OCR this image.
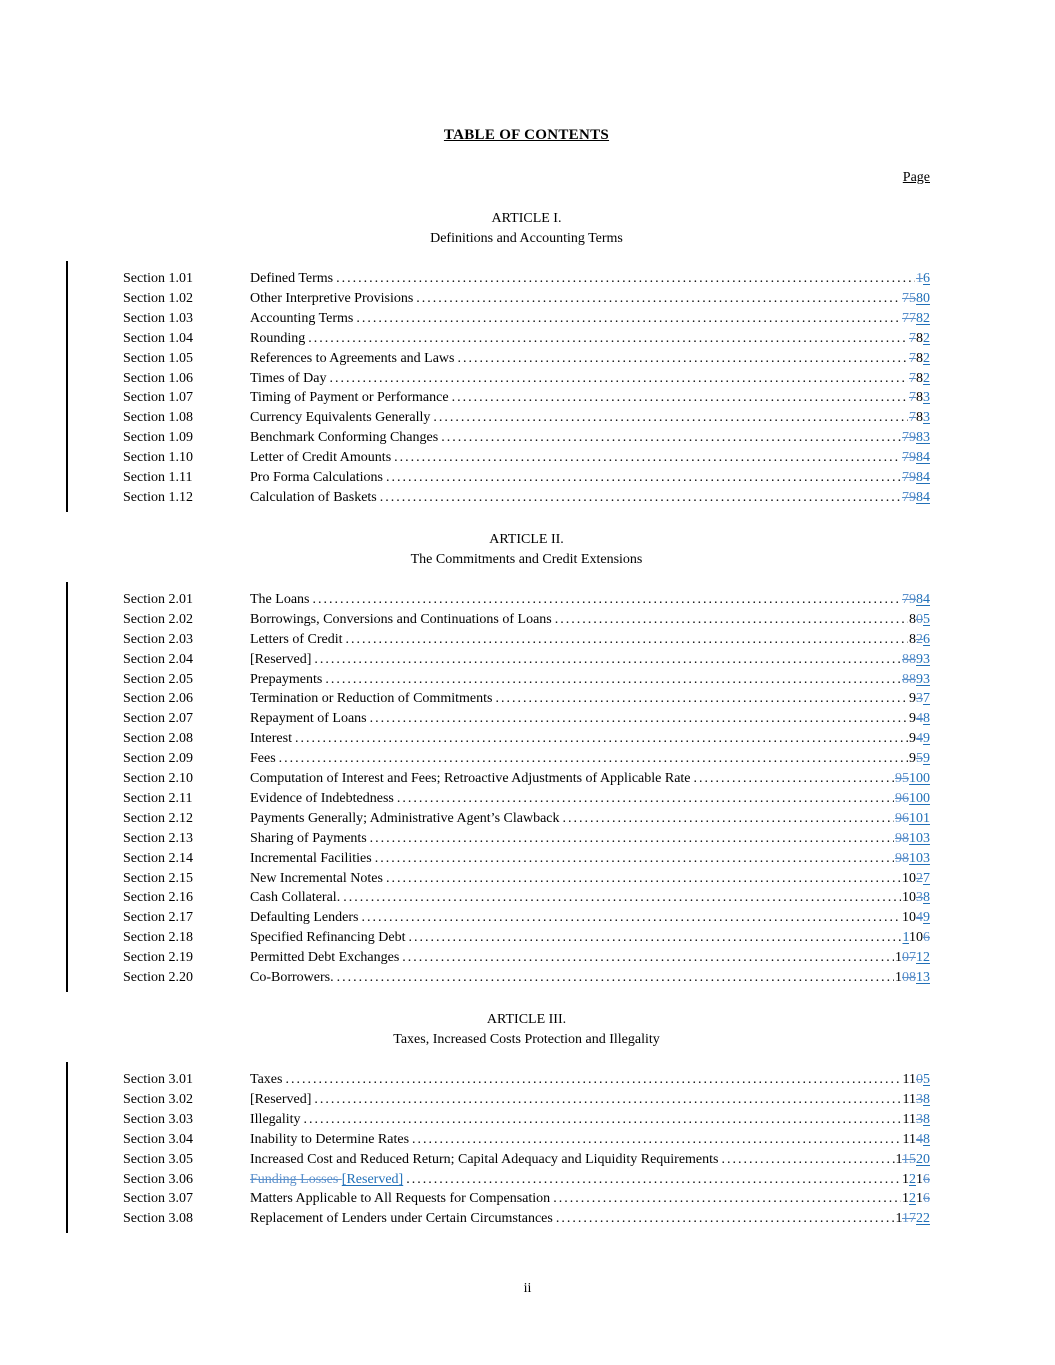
TABLE OF CONTENTS
Page
ARTICLE I.
Definitions and Accounting Terms
Section 1.01	Defined Terms .....	16
Section 1.02	Other Interpretive Provisions .....	7580
Section 1.03	Accounting Terms .....	7782
Section 1.04	Rounding .....	782
Section 1.05	References to Agreements and Laws .....	782
Section 1.06	Times of Day .....	782
Section 1.07	Timing of Payment or Performance .....	783
Section 1.08	Currency Equivalents Generally .....	783
Section 1.09	Benchmark Conforming Changes .....	7983
Section 1.10	Letter of Credit Amounts .....	7984
Section 1.11	Pro Forma Calculations .....	7984
Section 1.12	Calculation of Baskets .....	7984
ARTICLE II.
The Commitments and Credit Extensions
Section 2.01	The Loans .....	7984
Section 2.02	Borrowings, Conversions and Continuations of Loans .....	805
Section 2.03	Letters of Credit .....	826
Section 2.04	[Reserved] .....	8893
Section 2.05	Prepayments .....	8893
Section 2.06	Termination or Reduction of Commitments .....	937
Section 2.07	Repayment of Loans .....	948
Section 2.08	Interest .....	949
Section 2.09	Fees .....	959
Section 2.10	Computation of Interest and Fees; Retroactive Adjustments of Applicable Rate .....	95100
Section 2.11	Evidence of Indebtedness .....	96100
Section 2.12	Payments Generally; Administrative Agent’s Clawback .....	96101
Section 2.13	Sharing of Payments .....	98103
Section 2.14	Incremental Facilities .....	98103
Section 2.15	New Incremental Notes .....	1027
Section 2.16	Cash Collateral. .....	1038
Section 2.17	Defaulting Lenders .....	1049
Section 2.18	Specified Refinancing Debt .....	1106
Section 2.19	Permitted Debt Exchanges .....	10712
Section 2.20	Co-Borrowers. .....	10813
ARTICLE III.
Taxes, Increased Costs Protection and Illegality
Section 3.01	Taxes .....	1105
Section 3.02	[Reserved] .....	1138
Section 3.03	Illegality .....	1138
Section 3.04	Inability to Determine Rates .....	1148
Section 3.05	Increased Cost and Reduced Return; Capital Adequacy and Liquidity Requirements .....	11520
Section 3.06	Funding Losses [Reserved] .....	1216
Section 3.07	Matters Applicable to All Requests for Compensation .....	1216
Section 3.08	Replacement of Lenders under Certain Circumstances .....	11722
ii
